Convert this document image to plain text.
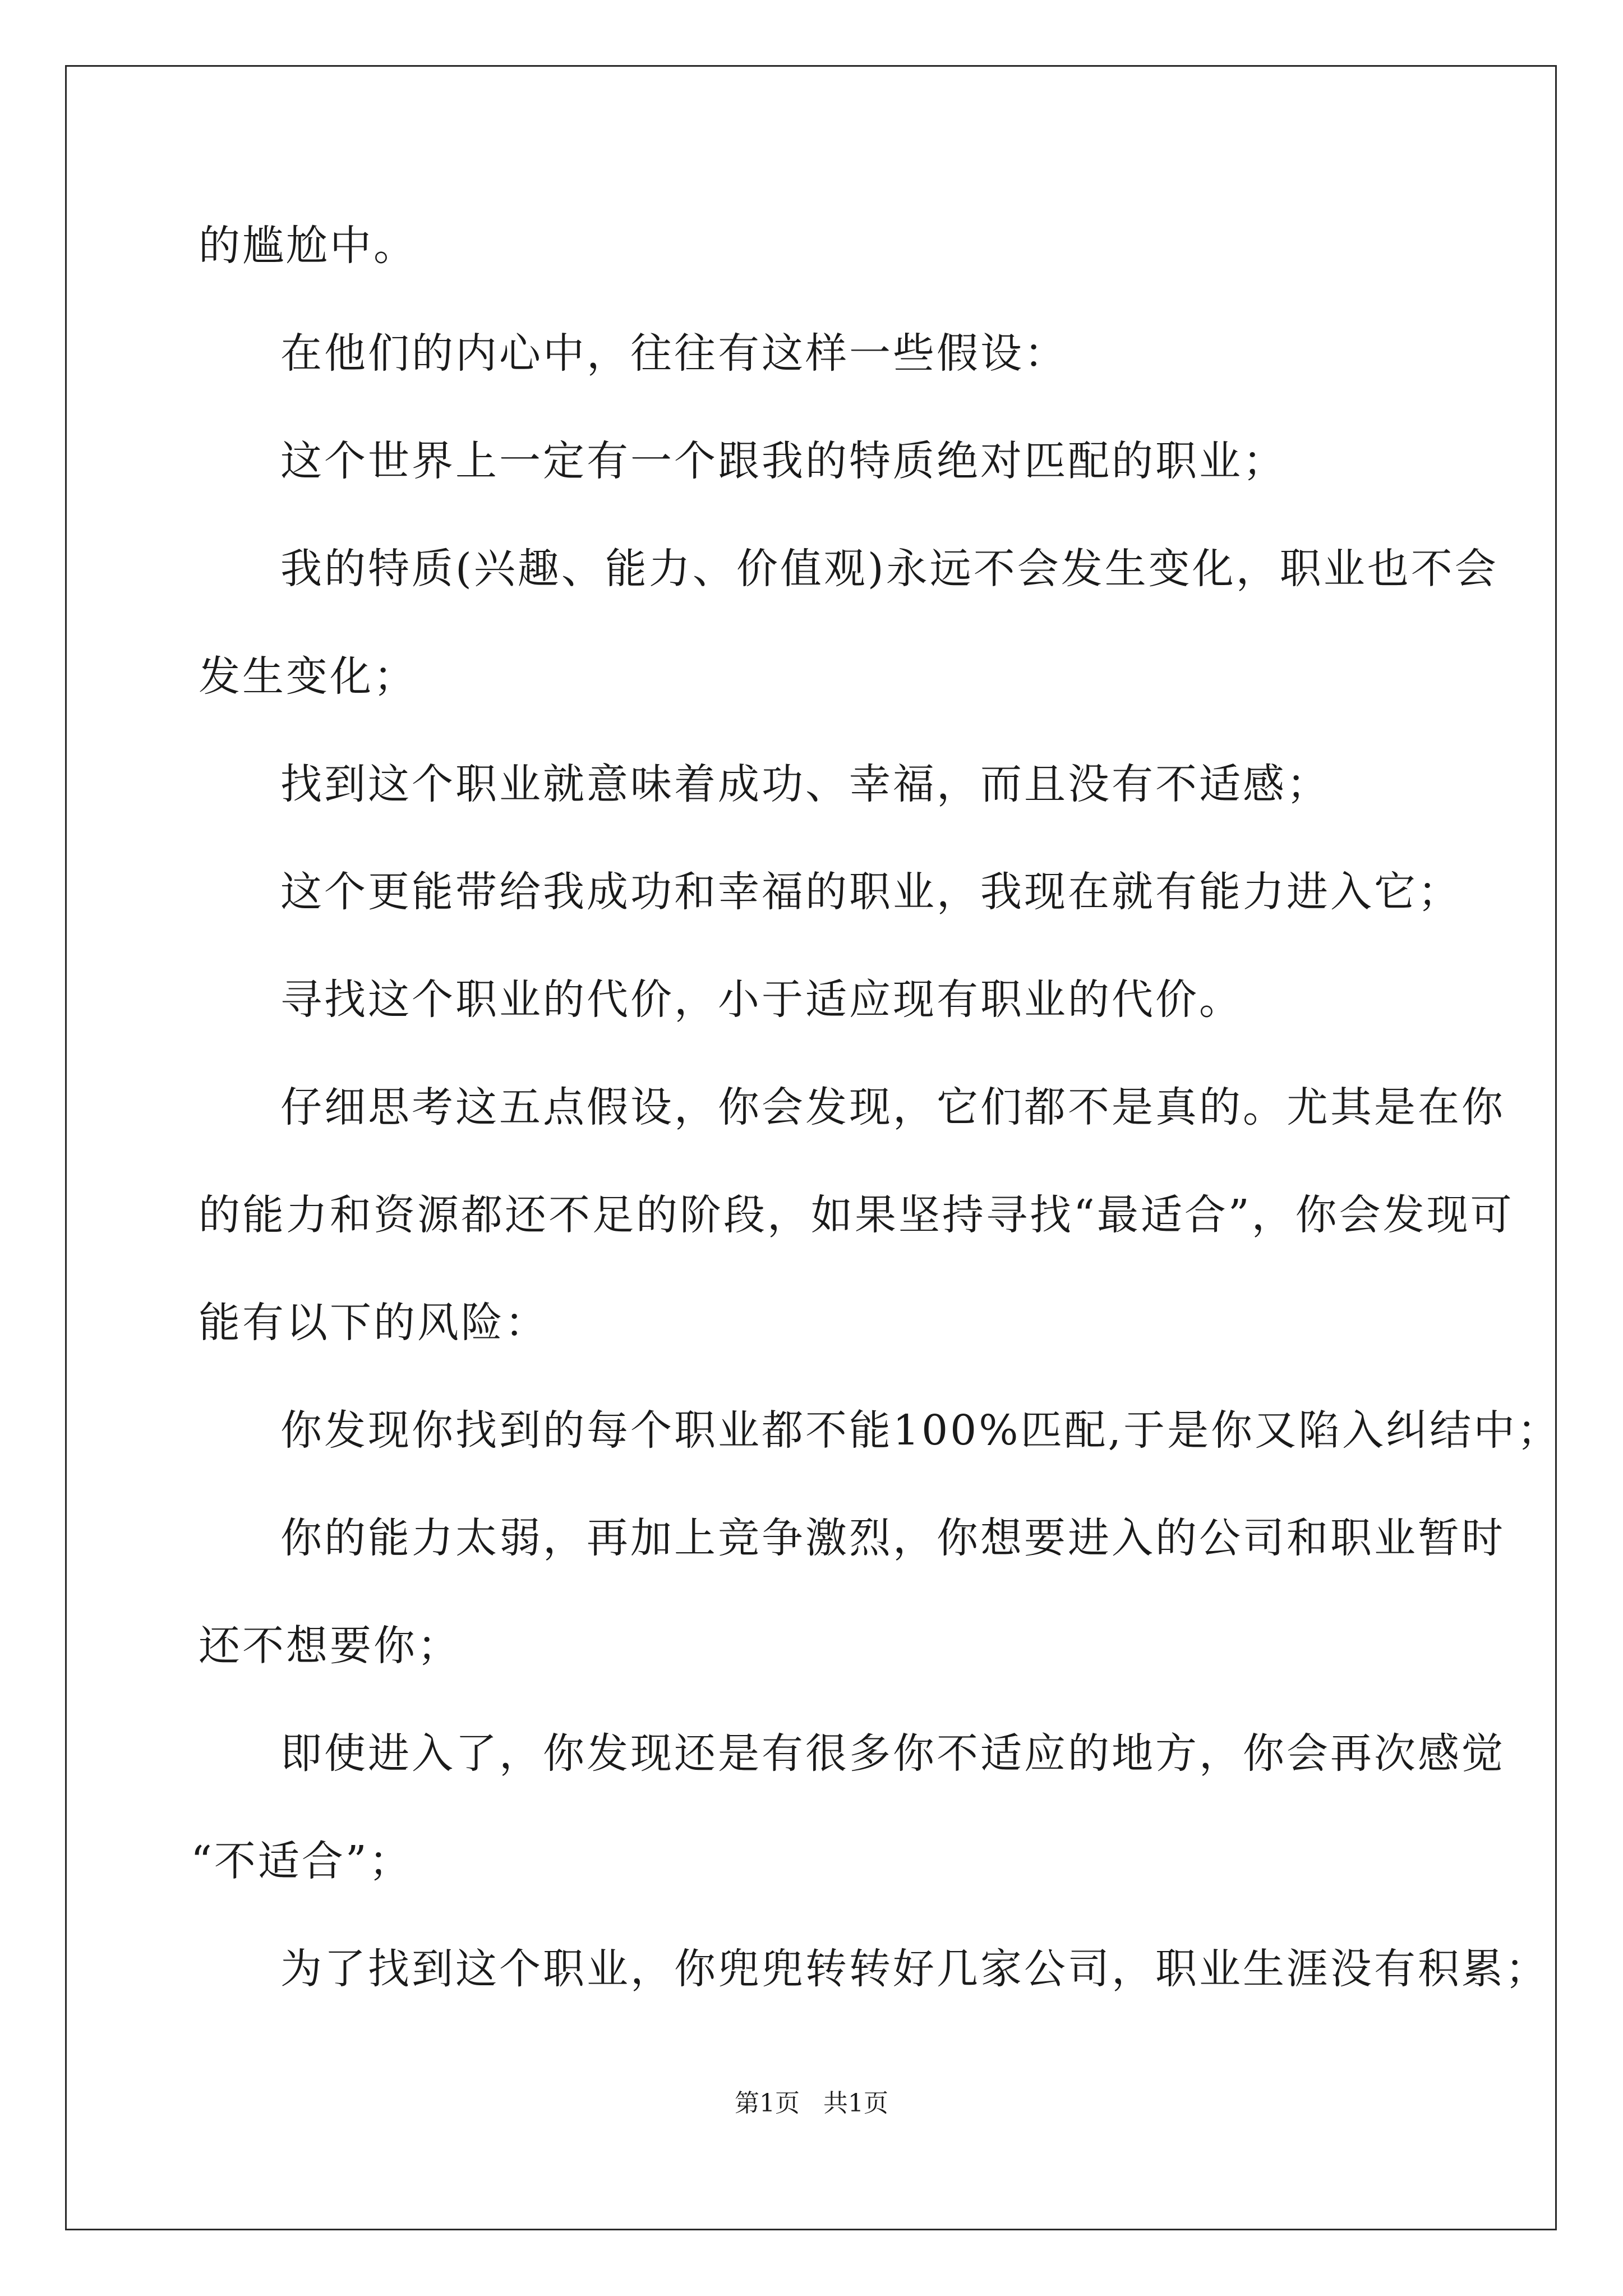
的尴尬中。

在他们的内心中，往往有这样一些假设：

这个世界上一定有一个跟我的特质绝对匹配的职业；

我的特质(兴趣、能力、价值观)永远不会发生变化，职业也不会

发生变化；

找到这个职业就意味着成功、幸福，而且没有不适感；

这个更能带给我成功和幸福的职业，我现在就有能力进入它；

寻找这个职业的代价，小于适应现有职业的代价。

仔细思考这五点假设，你会发现，它们都不是真的。尤其是在你

的能力和资源都还不足的阶段，如果坚持寻找“最适合”，你会发现可

能有以下的风险：

你发现你找到的每个职业都不能100%匹配,于是你又陷入纠结中；

你的能力太弱，再加上竞争激烈，你想要进入的公司和职业暂时

还不想要你；

即使进入了，你发现还是有很多你不适应的地方，你会再次感觉

“不适合”；

为了找到这个职业，你兜兜转转好几家公司，职业生涯没有积累；

第1页 共1页
